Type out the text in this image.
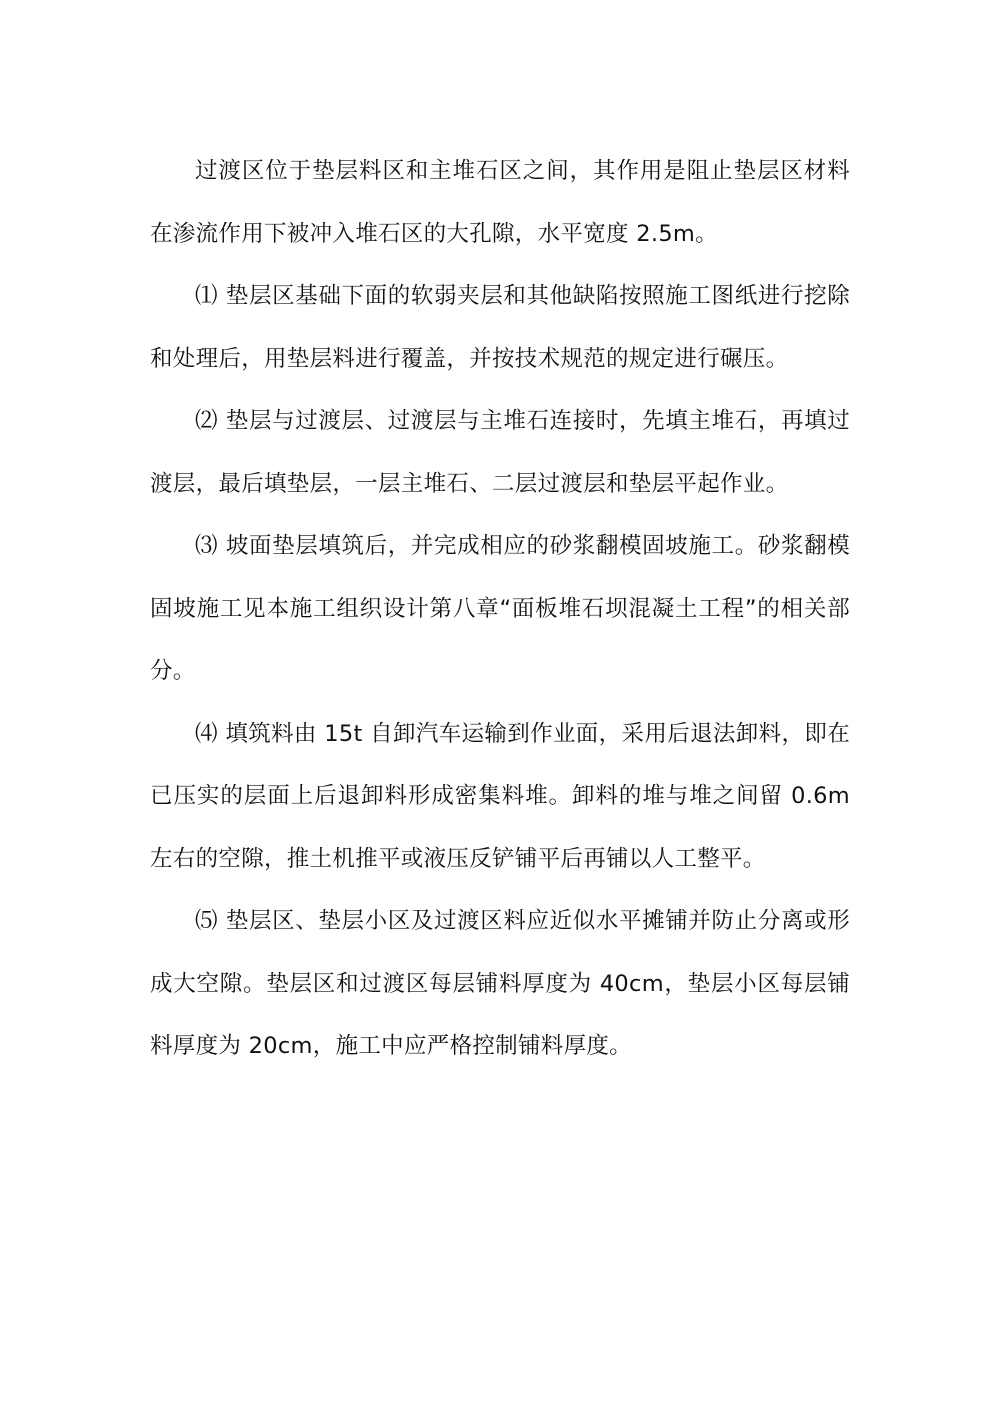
过渡区位于垫层料区和主堆石区之间，其作用是阻止垫层区材料在渗流作用下被冲入堆石区的大孔隙，水平宽度 2.5m。

⑴ 垫层区基础下面的软弱夹层和其他缺陷按照施工图纸进行挖除和处理后，用垫层料进行覆盖，并按技术规范的规定进行碾压。

⑵ 垫层与过渡层、过渡层与主堆石连接时，先填主堆石，再填过渡层，最后填垫层，一层主堆石、二层过渡层和垫层平起作业。

⑶ 坡面垫层填筑后，并完成相应的砂浆翻模固坡施工。砂浆翻模固坡施工见本施工组织设计第八章“面板堆石坝混凝土工程”的相关部分。

⑷ 填筑料由 15t 自卸汽车运输到作业面，采用后退法卸料，即在已压实的层面上后退卸料形成密集料堆。卸料的堆与堆之间留 0.6m 左右的空隙，推土机推平或液压反铲铺平后再铺以人工整平。

⑸ 垫层区、垫层小区及过渡区料应近似水平摊铺并防止分离或形成大空隙。垫层区和过渡区每层铺料厚度为 40cm，垫层小区每层铺料厚度为 20cm，施工中应严格控制铺料厚度。
